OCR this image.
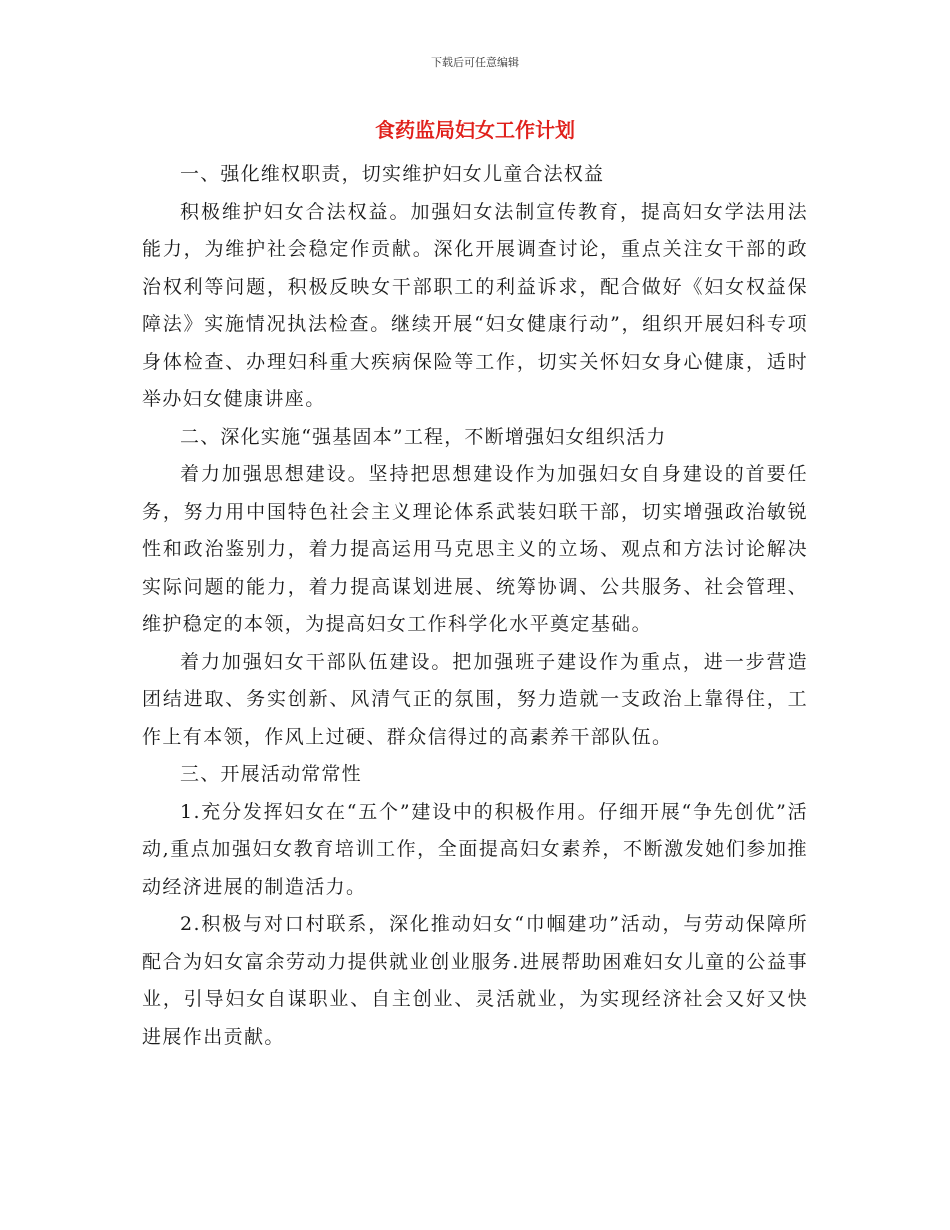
下载后可任意编辑
食药监局妇女工作计划

一、强化维权职责，切实维护妇女儿童合法权益

积极维护妇女合法权益。加强妇女法制宣传教育，提高妇女学法用法能力，为维护社会稳定作贡献。深化开展调查讨论，重点关注女干部的政治权利等问题，积极反映女干部职工的利益诉求，配合做好《妇女权益保障法》实施情况执法检查。继续开展“妇女健康行动”，组织开展妇科专项身体检查、办理妇科重大疾病保险等工作，切实关怀妇女身心健康，适时举办妇女健康讲座。

二、深化实施“强基固本”工程，不断增强妇女组织活力

着力加强思想建设。坚持把思想建设作为加强妇女自身建设的首要任务，努力用中国特色社会主义理论体系武装妇联干部，切实增强政治敏锐性和政治鉴别力，着力提高运用马克思主义的立场、观点和方法讨论解决实际问题的能力，着力提高谋划进展、统筹协调、公共服务、社会管理、维护稳定的本领，为提高妇女工作科学化水平奠定基础。

着力加强妇女干部队伍建设。把加强班子建设作为重点，进一步营造团结进取、务实创新、风清气正的氛围，努力造就一支政治上靠得住，工作上有本领，作风上过硬、群众信得过的高素养干部队伍。

三、开展活动常常性

1.充分发挥妇女在“五个”建设中的积极作用。仔细开展“争先创优”活动,重点加强妇女教育培训工作，全面提高妇女素养，不断激发她们参加推动经济进展的制造活力。

2.积极与对口村联系，深化推动妇女“巾帼建功”活动，与劳动保障所配合为妇女富余劳动力提供就业创业服务.进展帮助困难妇女儿童的公益事业，引导妇女自谋职业、自主创业、灵活就业，为实现经济社会又好又快进展作出贡献。
